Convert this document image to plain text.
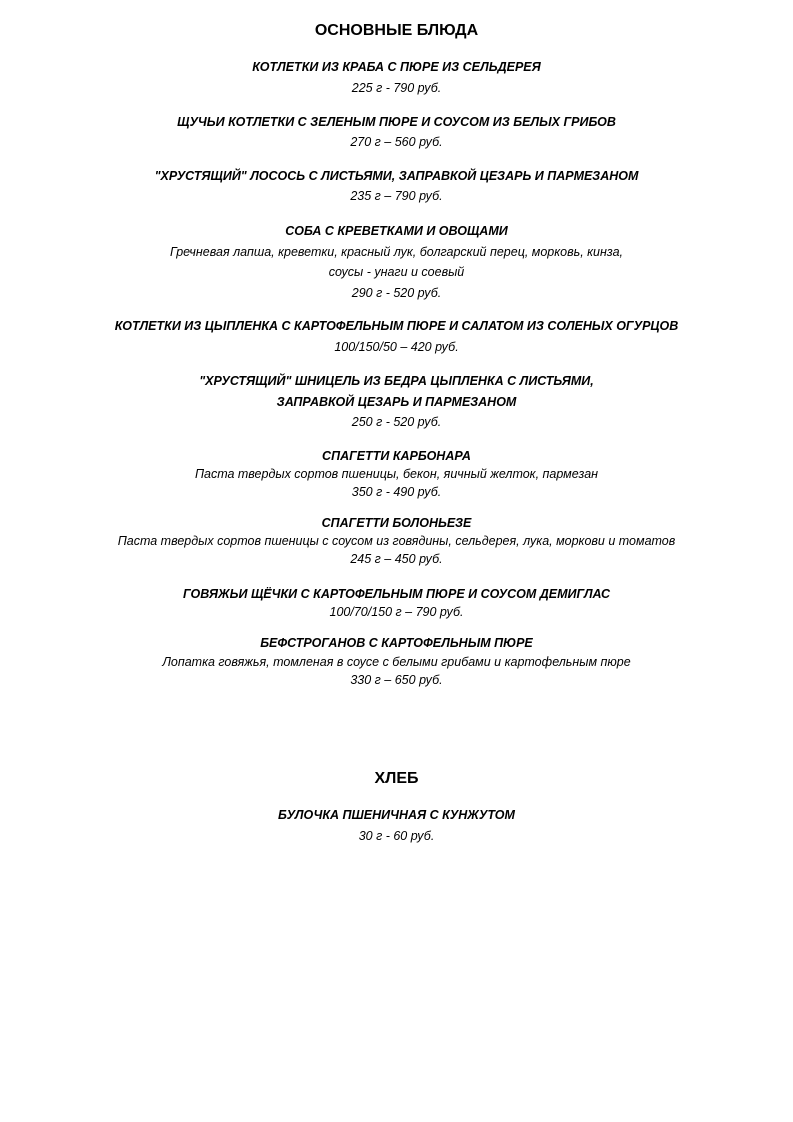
ОСНОВНЫЕ БЛЮДА
КОТЛЕТКИ ИЗ КРАБА С ПЮРЕ ИЗ СЕЛЬДЕРЕЯ
225 г - 790 руб.
ЩУЧЬИ КОТЛЕТКИ С ЗЕЛЕНЫМ ПЮРЕ И СОУСОМ ИЗ БЕЛЫХ ГРИБОВ
270 г – 560 руб.
"ХРУСТЯЩИЙ" ЛОСОСЬ С ЛИСТЬЯМИ, ЗАПРАВКОЙ ЦЕЗАРЬ И ПАРМЕЗАНОМ
235 г – 790 руб.
СОБА С КРЕВЕТКАМИ И ОВОЩАМИ
Гречневая лапша, креветки, красный лук, болгарский перец, морковь, кинза,
соусы - унаги и соевый
290 г - 520 руб.
КОТЛЕТКИ ИЗ ЦЫПЛЕНКА С КАРТОФЕЛЬНЫМ ПЮРЕ И САЛАТОМ ИЗ СОЛЕНЫХ ОГУРЦОВ
100/150/50 – 420 руб.
"ХРУСТЯЩИЙ" ШНИЦЕЛЬ ИЗ БЕДРА ЦЫПЛЕНКА С ЛИСТЬЯМИ,
ЗАПРАВКОЙ ЦЕЗАРЬ И ПАРМЕЗАНОМ
250 г - 520 руб.
СПАГЕТТИ КАРБОНАРА
Паста твердых сортов пшеницы, бекон, яичный желток, пармезан
350 г - 490 руб.
СПАГЕТТИ БОЛОНЬЕЗЕ
Паста твердых сортов пшеницы с соусом из говядины, сельдерея, лука, моркови и томатов
245 г – 450 руб.
ГОВЯЖЬИ ЩЁЧКИ С КАРТОФЕЛЬНЫМ ПЮРЕ И СОУСОМ ДЕМИГЛАС
100/70/150 г – 790 руб.
БЕФСТРОГАНОВ С КАРТОФЕЛЬНЫМ ПЮРЕ
Лопатка говяжья, томленая в соусе с белыми грибами и картофельным пюре
330 г – 650 руб.
ХЛЕБ
БУЛОЧКА ПШЕНИЧНАЯ С КУНЖУТОМ
30 г - 60 руб.
